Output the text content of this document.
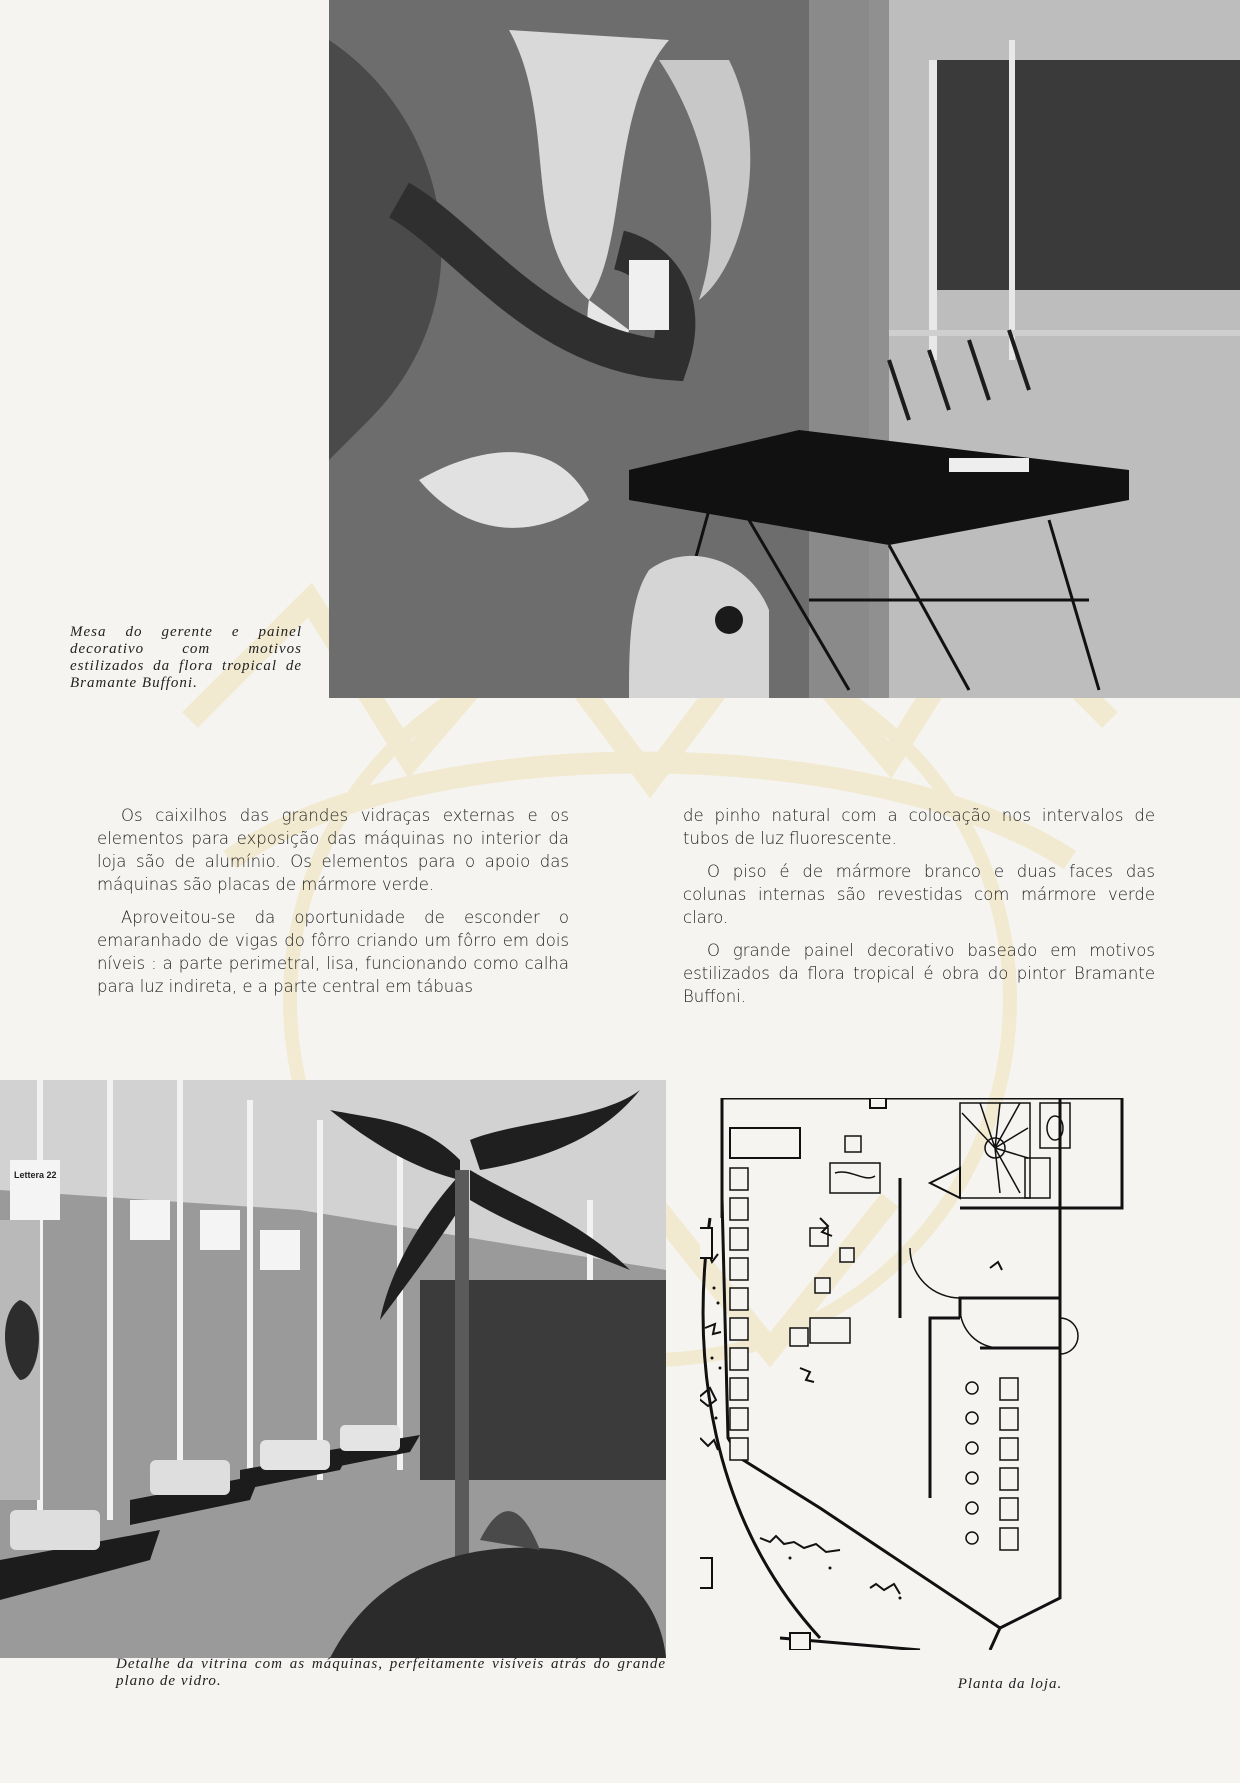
Mesa do gerente e painel decorativo com motivos estilizados da flora tropical de Bramante Buffoni.

Os caixilhos das grandes vidraças externas e os elementos para exposição das máquinas no interior da loja são de alumínio. Os elementos para o apoio das máquinas são placas de mármore verde.

Aproveitou-se da oportunidade de esconder o emaranhado de vigas do fôrro criando um fôrro em dois níveis : a parte perimetral, lisa, funcionando como calha para luz indireta, e a parte central em tábuas

de pinho natural com a colocação nos intervalos de tubos de luz fluorescente.

O piso é de mármore branco e duas faces das colunas internas são revestidas com mármore verde claro.

O grande painel decorativo baseado em motivos estilizados da flora tropical é obra do pintor Bramante Buffoni.

Lettera 22
Detalhe da vitrina com as máquinas, perfeitamente visíveis atrás do grande plano de vidro.	Planta da loja.
